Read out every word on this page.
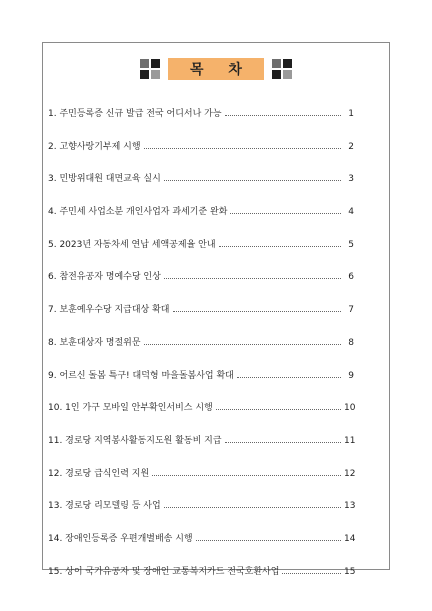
목 차
1. 주민등록증 신규 발급 전국 어디서나 가능	1
2. 고향사랑기부제 시행	2
3. 민방위대원 대면교육 실시	3
4. 주민세 사업소분 개인사업자 과세기준 완화	4
5. 2023년 자동차세 연납 세액공제율 안내	5
6. 참전유공자 명예수당 인상	6
7. 보훈예우수당 지급대상 확대	7
8. 보훈대상자 명절위문	8
9. 어르신 돌봄 특구! 대덕형 마을돌봄사업 확대	9
10. 1인 가구 모바일 안부확인서비스 시행	10
11. 경로당 지역봉사활동지도원 활동비 지급	11
12. 경로당 급식인력 지원	12
13. 경로당 리모델링 등 사업	13
14. 장애인등록증 우편개별배송 시행	14
15. 상이 국가유공자 및 장애인 교통복지카드 전국호환사업	15
